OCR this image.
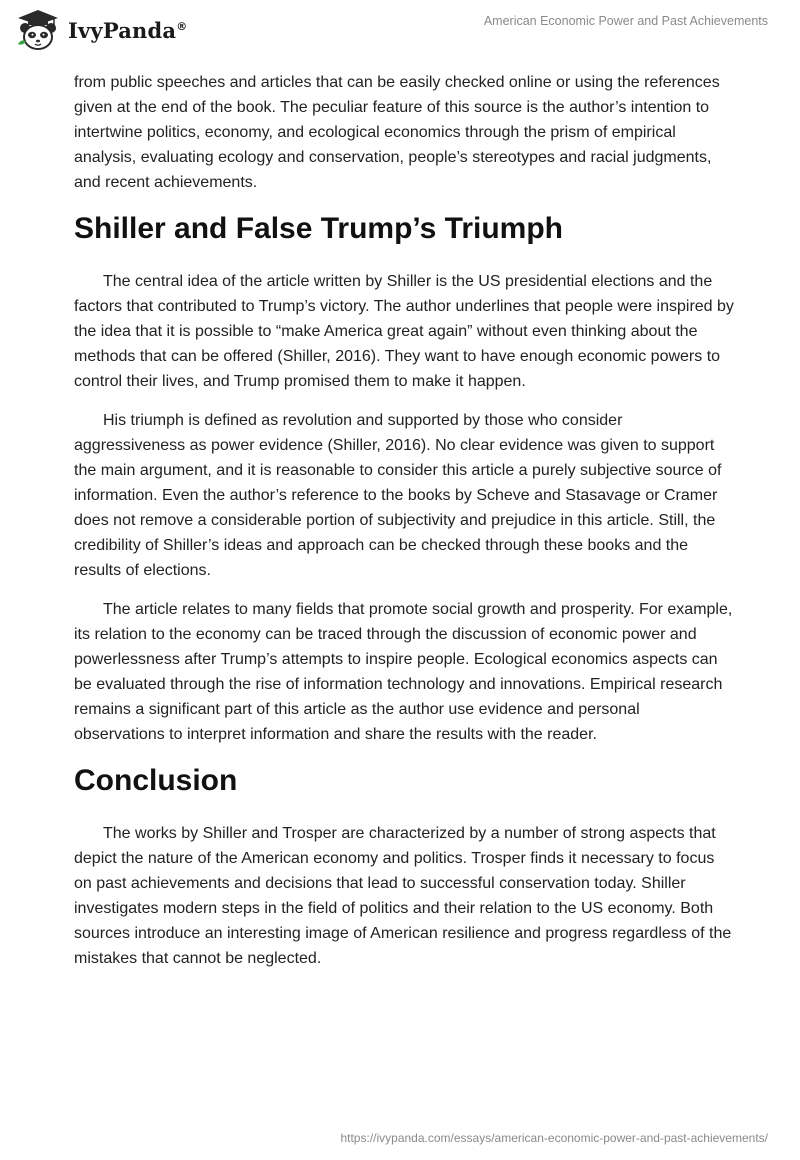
IvyPanda®	American Economic Power and Past Achievements

from public speeches and articles that can be easily checked online or using the references given at the end of the book. The peculiar feature of this source is the author’s intention to intertwine politics, economy, and ecological economics through the prism of empirical analysis, evaluating ecology and conservation, people’s stereotypes and racial judgments, and recent achievements.

Shiller and False Trump’s Triumph

The central idea of the article written by Shiller is the US presidential elections and the factors that contributed to Trump’s victory. The author underlines that people were inspired by the idea that it is possible to “make America great again” without even thinking about the methods that can be offered (Shiller, 2016). They want to have enough economic powers to control their lives, and Trump promised them to make it happen.

His triumph is defined as revolution and supported by those who consider aggressiveness as power evidence (Shiller, 2016). No clear evidence was given to support the main argument, and it is reasonable to consider this article a purely subjective source of information. Even the author’s reference to the books by Scheve and Stasavage or Cramer does not remove a considerable portion of subjectivity and prejudice in this article. Still, the credibility of Shiller’s ideas and approach can be checked through these books and the results of elections.

The article relates to many fields that promote social growth and prosperity. For example, its relation to the economy can be traced through the discussion of economic power and powerlessness after Trump’s attempts to inspire people. Ecological economics aspects can be evaluated through the rise of information technology and innovations. Empirical research remains a significant part of this article as the author use evidence and personal observations to interpret information and share the results with the reader.

Conclusion

The works by Shiller and Trosper are characterized by a number of strong aspects that depict the nature of the American economy and politics. Trosper finds it necessary to focus on past achievements and decisions that lead to successful conservation today. Shiller investigates modern steps in the field of politics and their relation to the US economy. Both sources introduce an interesting image of American resilience and progress regardless of the mistakes that cannot be neglected.

https://ivypanda.com/essays/american-economic-power-and-past-achievements/
